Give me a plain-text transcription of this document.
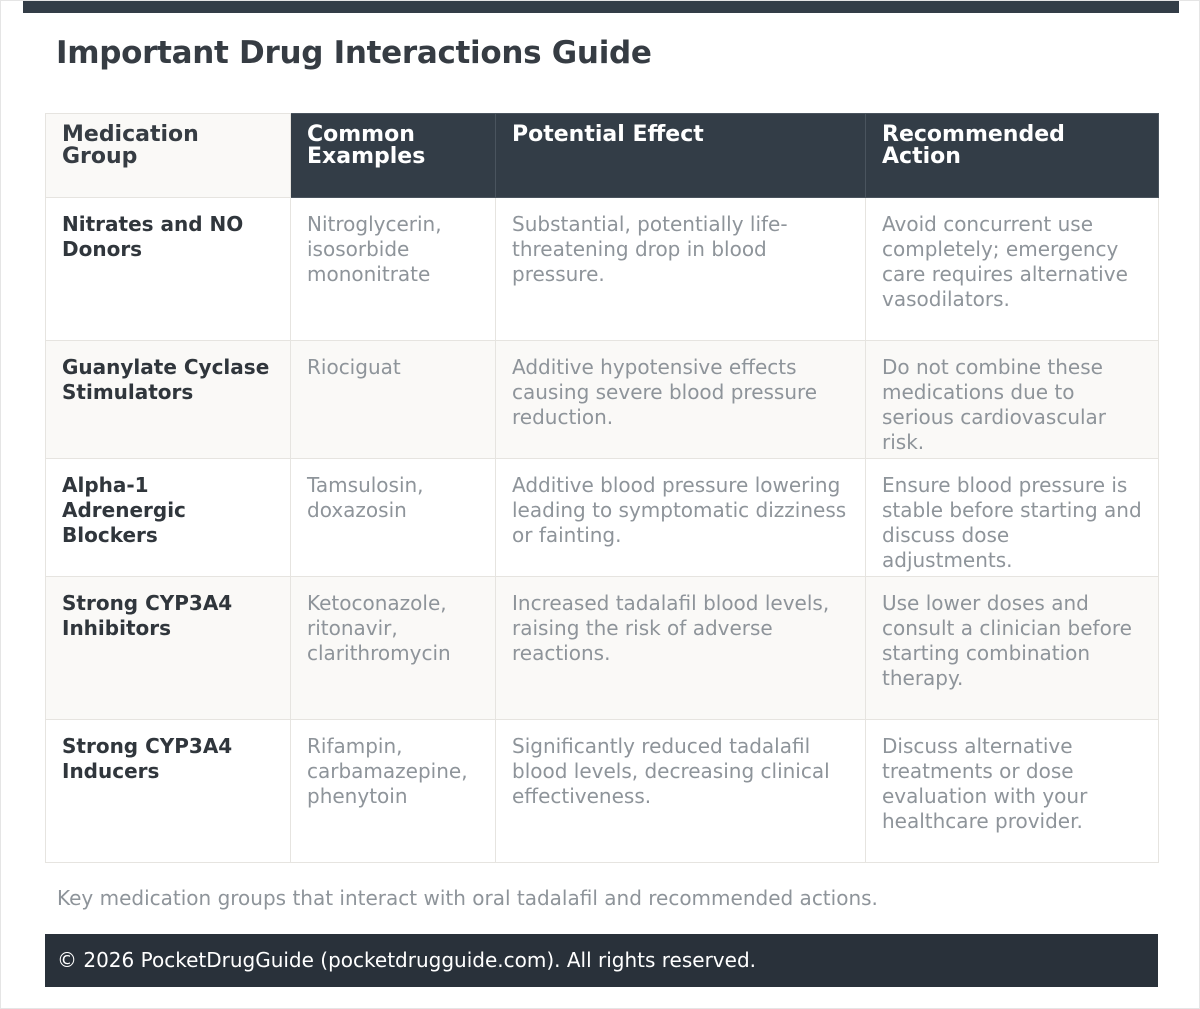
Important Drug Interactions Guide
Medication Group	Common Examples	Potential Effect	Recommended Action
Nitrates and NO Donors	Nitroglycerin, isosorbide mononitrate	Substantial, potentially life-threatening drop in blood pressure.	Avoid concurrent use completely; emergency care requires alternative vasodilators.
Guanylate Cyclase Stimulators	Riociguat	Additive hypotensive effects causing severe blood pressure reduction.	Do not combine these medications due to serious cardiovascular risk.
Alpha-1 Adrenergic Blockers	Tamsulosin, doxazosin	Additive blood pressure lowering leading to symptomatic dizziness or fainting.	Ensure blood pressure is stable before starting and discuss dose adjustments.
Strong CYP3A4 Inhibitors	Ketoconazole, ritonavir, clarithromycin	Increased tadalafil blood levels, raising the risk of adverse reactions.	Use lower doses and consult a clinician before starting combination therapy.
Strong CYP3A4 Inducers	Rifampin, carbamazepine, phenytoin	Significantly reduced tadalafil blood levels, decreasing clinical effectiveness.	Discuss alternative treatments or dose evaluation with your healthcare provider.

Key medication groups that interact with oral tadalafil and recommended actions.

© 2026 PocketDrugGuide (pocketdrugguide.com). All rights reserved.
